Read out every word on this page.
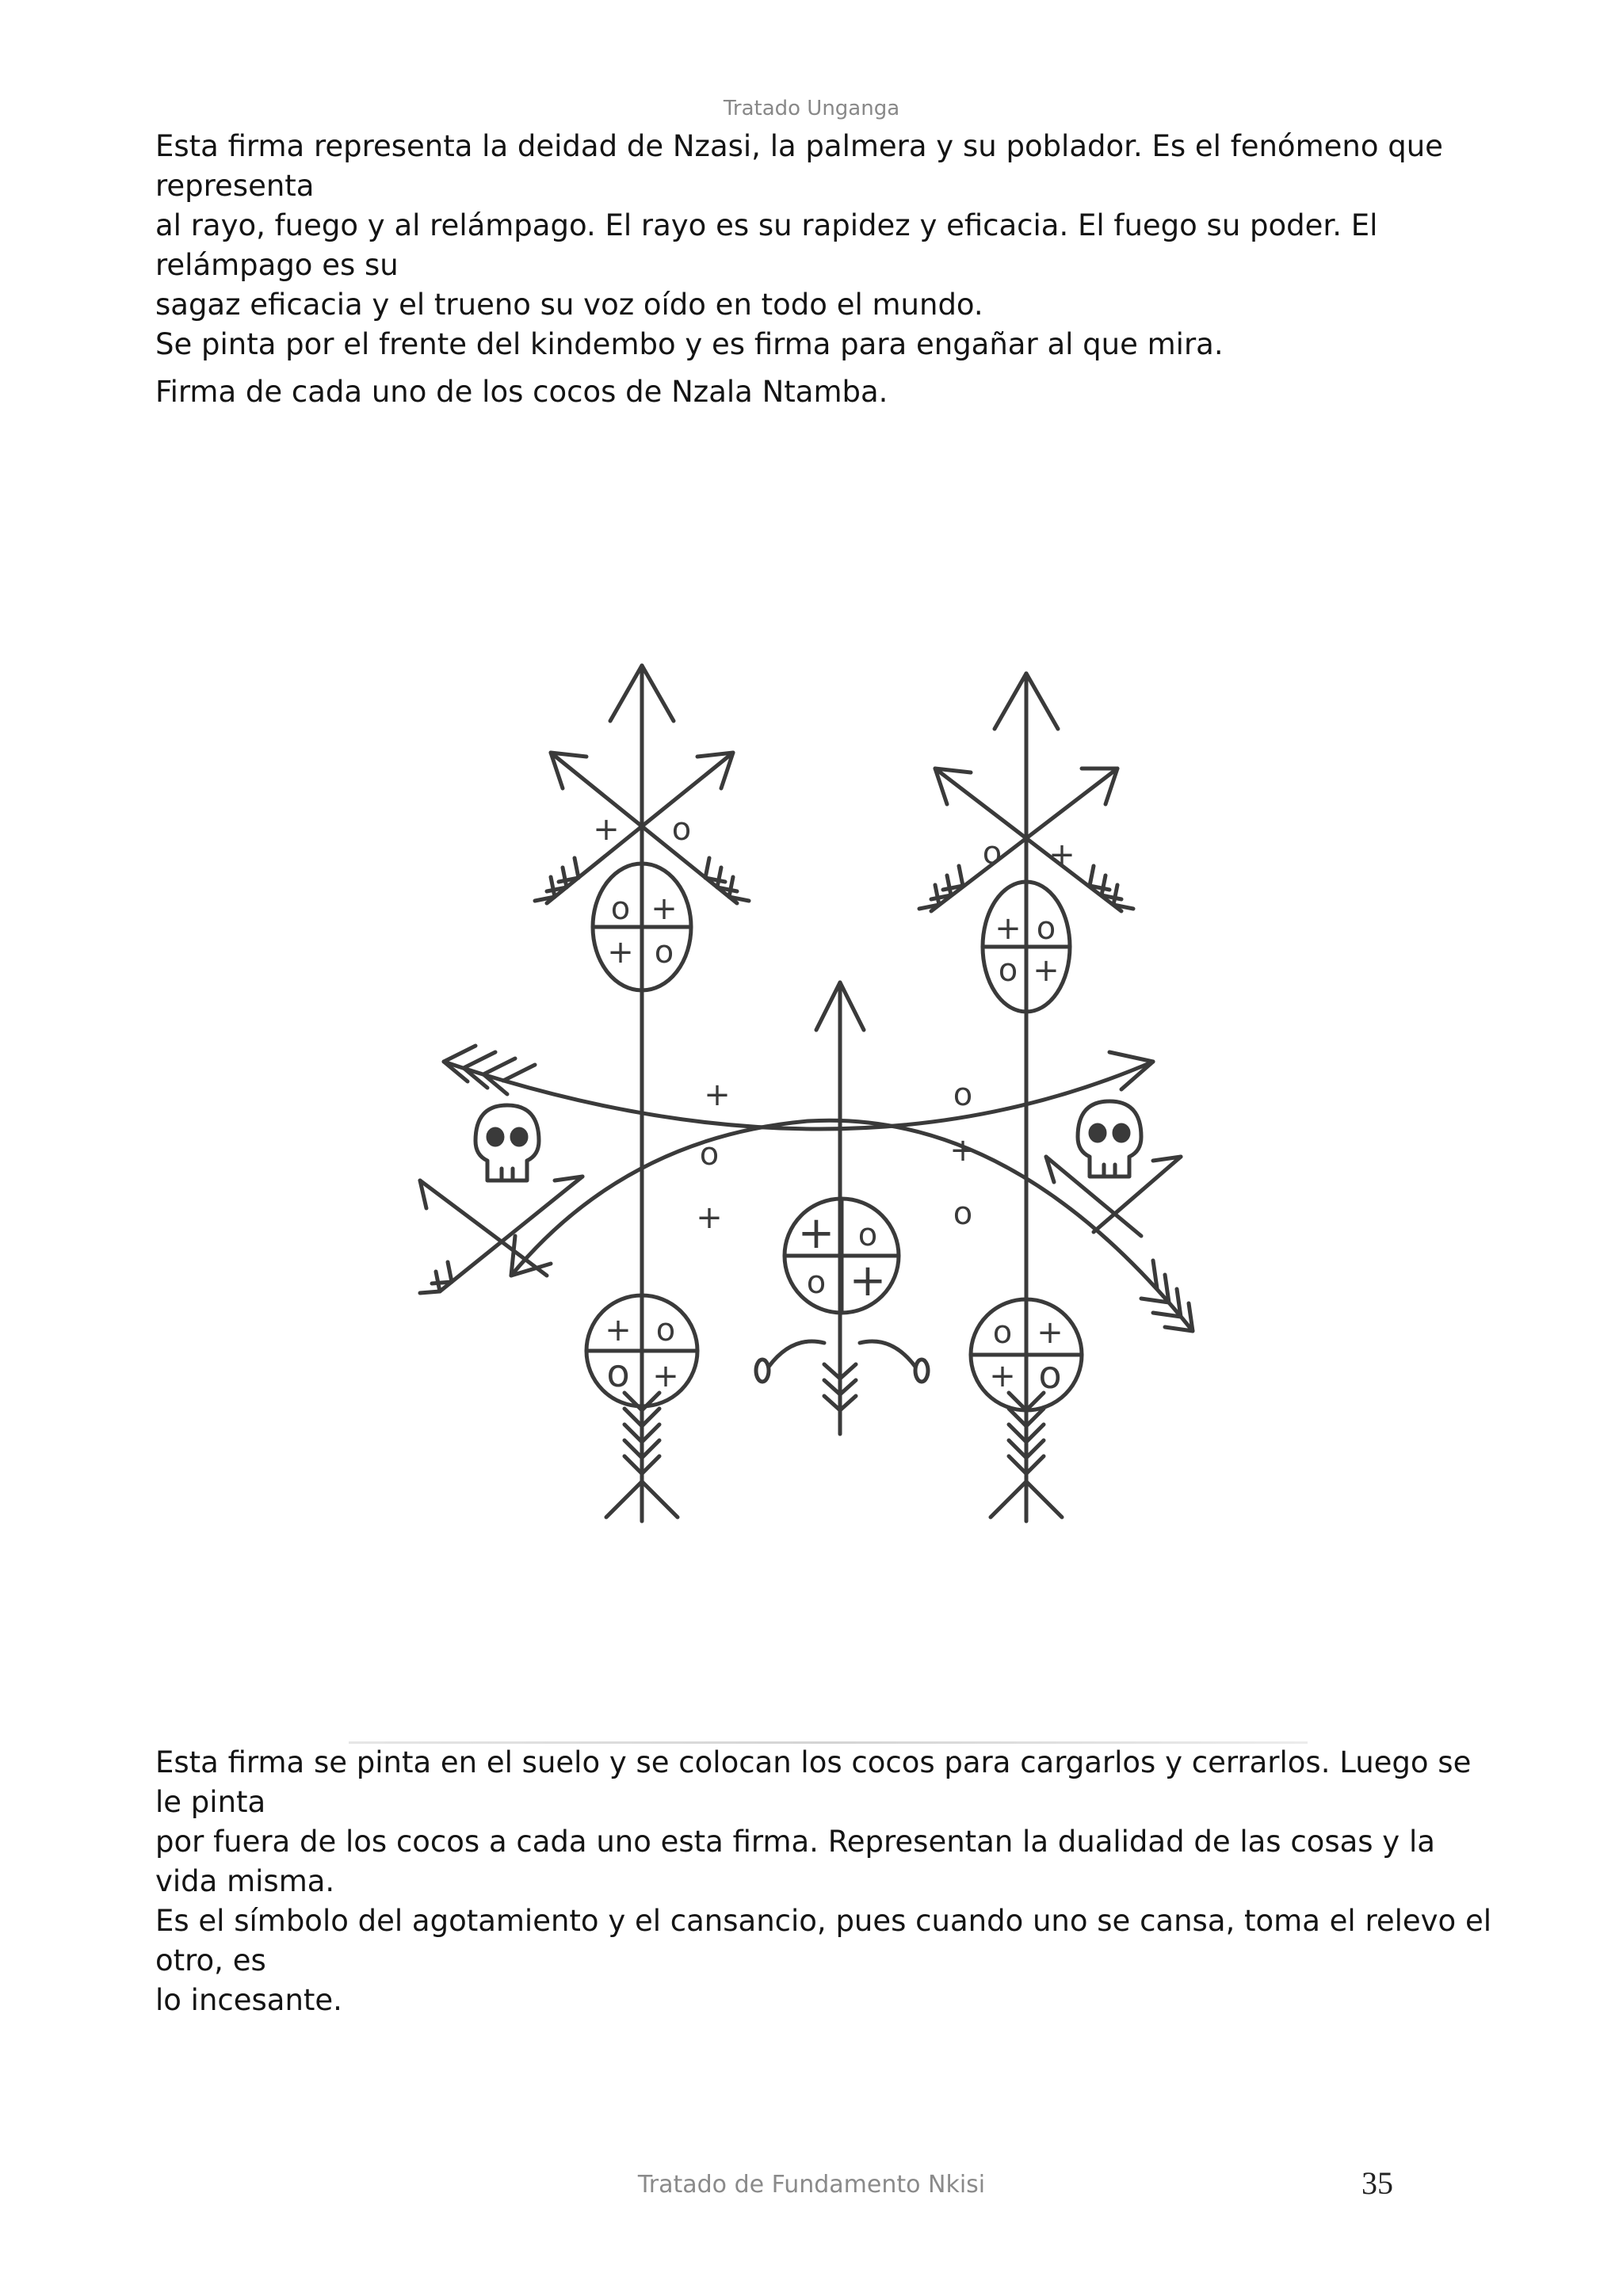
Tratado Unganga

Esta firma representa la deidad de Nzasi, la palmera y su poblador. Es el fenómeno que representa

al rayo, fuego y al relámpago. El rayo es su rapidez y eficacia. El fuego su poder. El relámpago es su

sagaz eficacia y el trueno su voz oído en todo el mundo.

Se pinta por el frente del kindembo y es firma para engañar al que mira.

Firma de cada uno de los cocos de Nzala Ntamba.

+ o
o +
o +
+ o
+ o
o +
+	o
o	+
+	o
+ o
o +
+ o
o +
o +
+ o

Esta firma se pinta en el suelo y se colocan los cocos para cargarlos y cerrarlos. Luego se le pinta

por fuera de los cocos a cada uno esta firma. Representan la dualidad de las cosas y la vida misma.

Es el símbolo del agotamiento y el cansancio, pues cuando uno se cansa, toma el relevo el otro, es

lo incesante.

Tratado de Fundamento Nkisi	35
